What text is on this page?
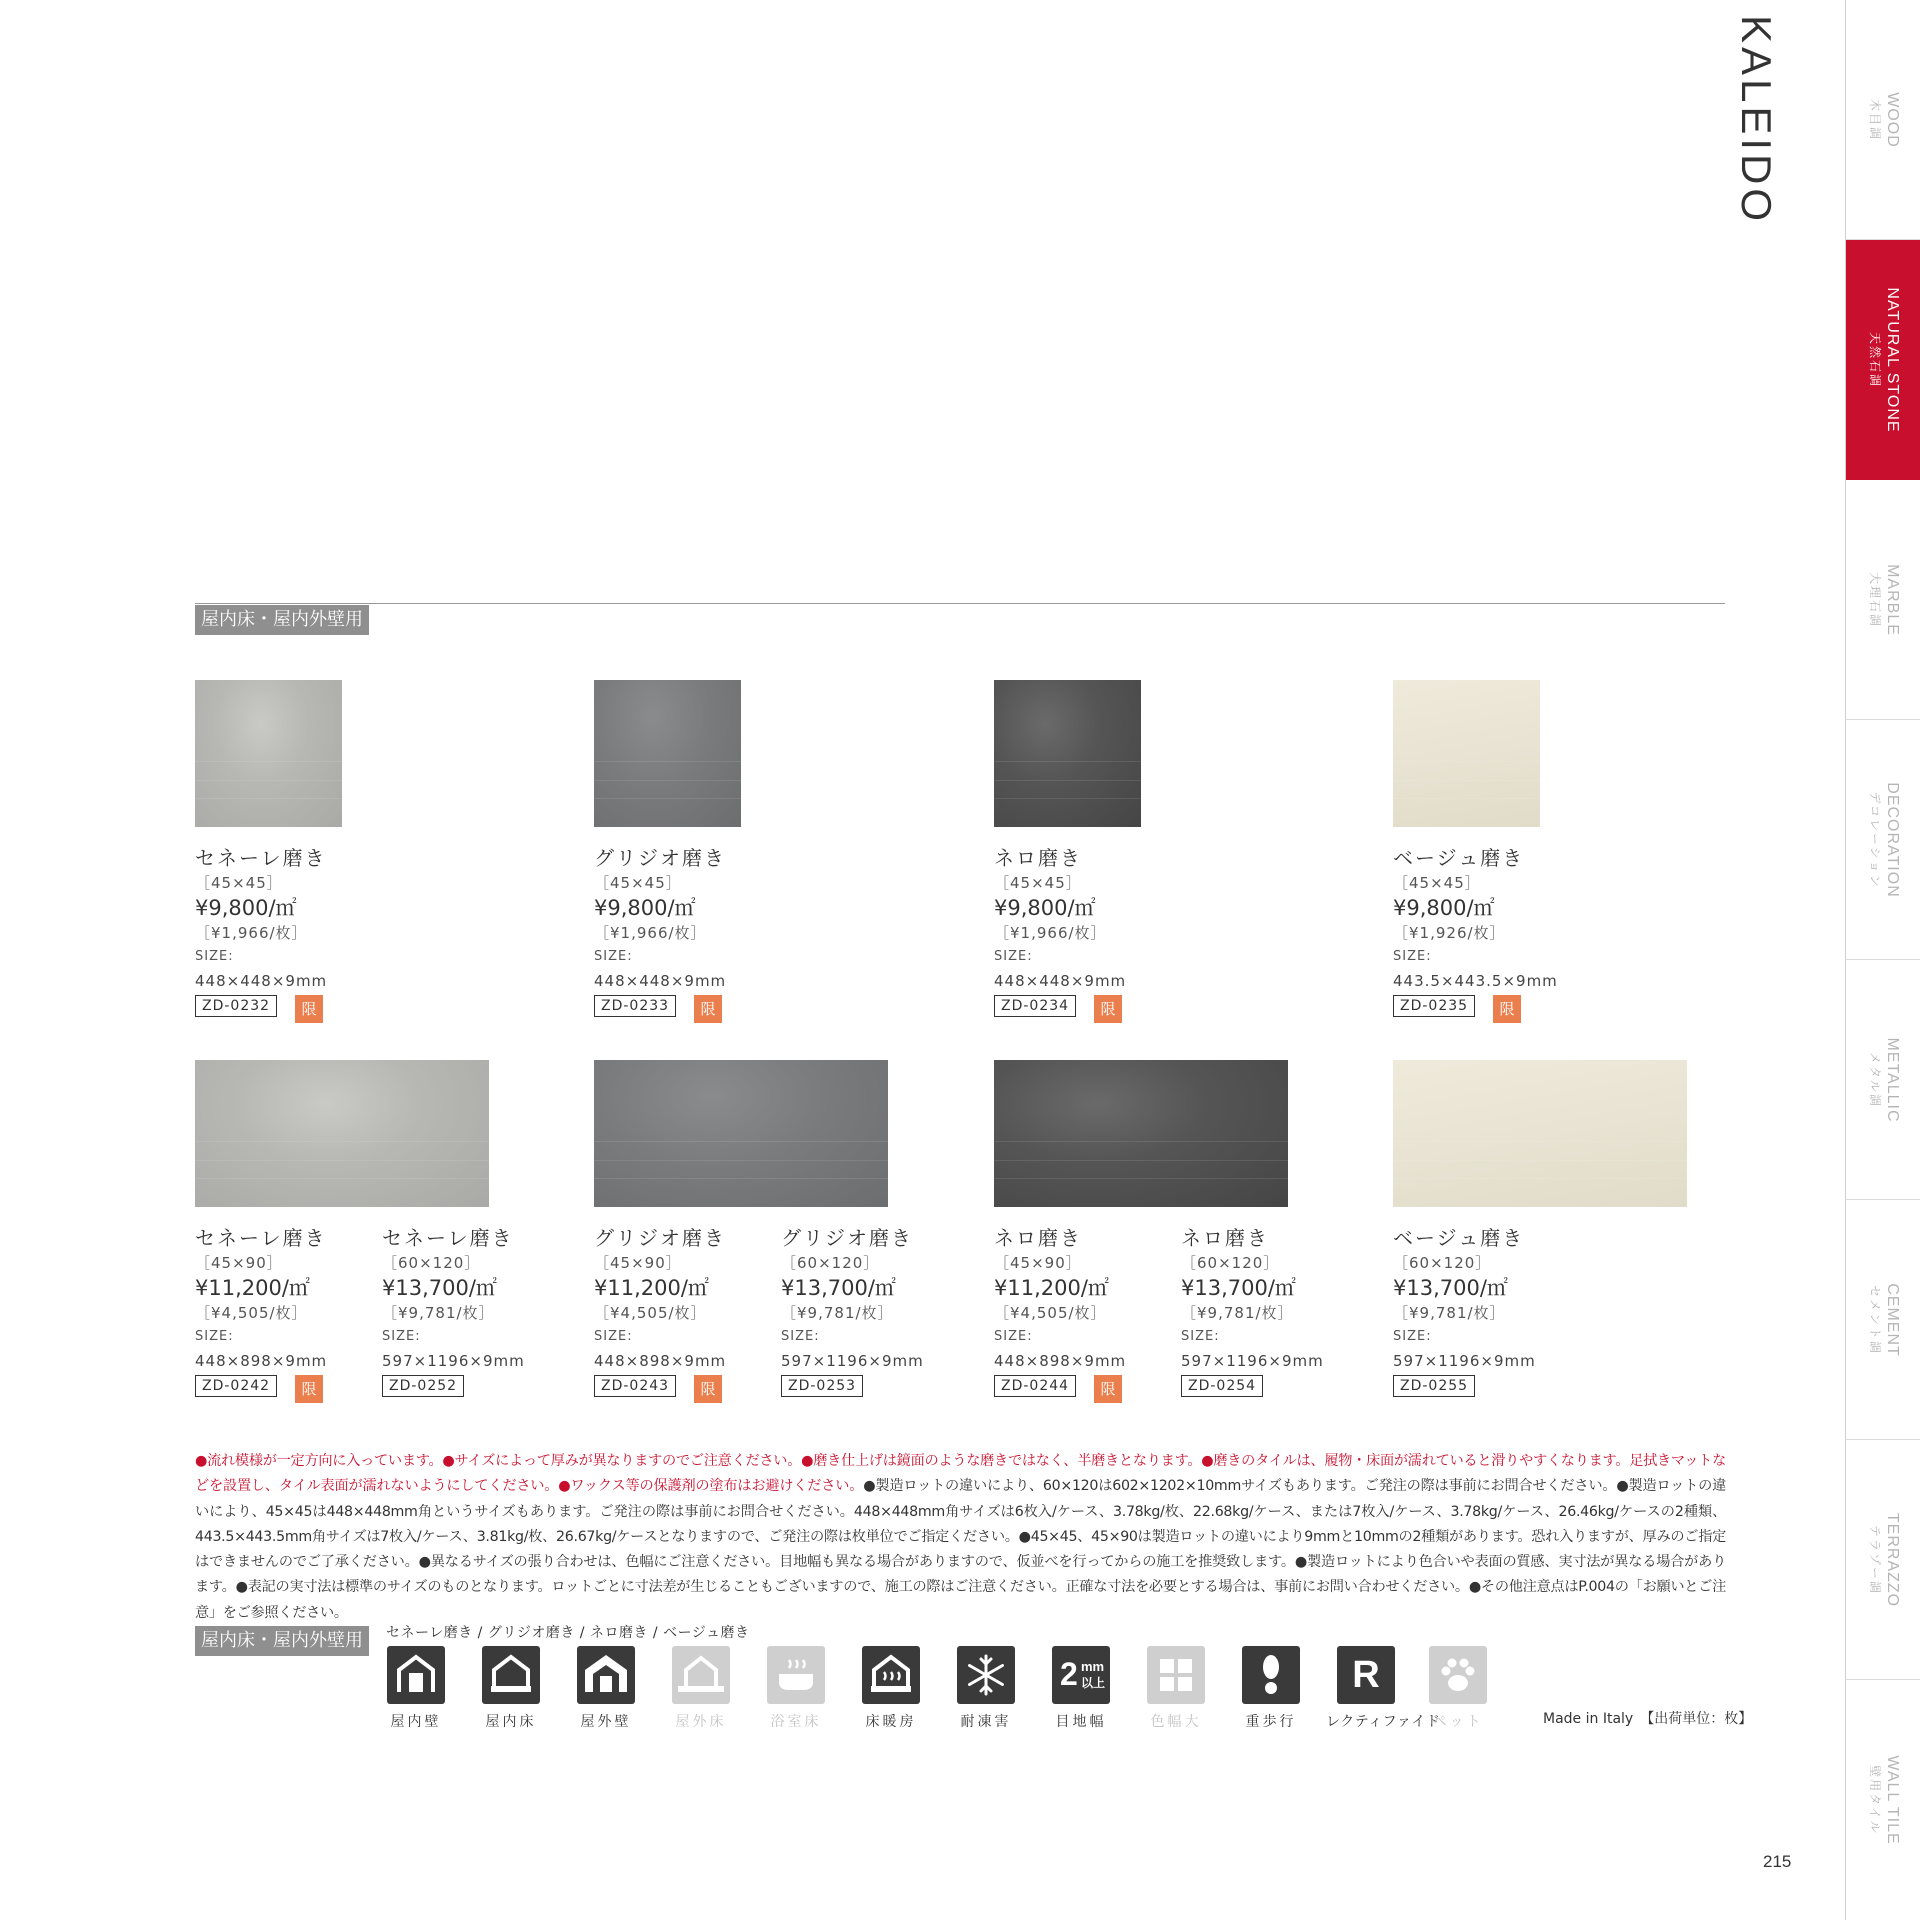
WOOD
木目調
NATURAL STONE
天然石調
MARBLE
大理石調
DECORATION
デコレーション
METALLIC
メタル調
CEMENT
セメント調
TERRAZZO
テラゾー調
WALL TILE
壁用タイル
KALEIDO
215
屋内床・屋内外壁用
セネーレ磨き
［45×45］
¥9,800/㎡
［¥1,966/枚］
SIZE:
448×448×9mm
ZD-0232	限
グリジオ磨き
［45×45］
¥9,800/㎡
［¥1,966/枚］
SIZE:
448×448×9mm
ZD-0233	限
ネロ磨き
［45×45］
¥9,800/㎡
［¥1,966/枚］
SIZE:
448×448×9mm
ZD-0234	限
ベージュ磨き
［45×45］
¥9,800/㎡
［¥1,926/枚］
SIZE:
443.5×443.5×9mm
ZD-0235	限
セネーレ磨き
［45×90］
¥11,200/㎡
［¥4,505/枚］
SIZE:
448×898×9mm
ZD-0242	限
セネーレ磨き
［60×120］
¥13,700/㎡
［¥9,781/枚］
SIZE:
597×1196×9mm
ZD-0252
グリジオ磨き
［45×90］
¥11,200/㎡
［¥4,505/枚］
SIZE:
448×898×9mm
ZD-0243	限
グリジオ磨き
［60×120］
¥13,700/㎡
［¥9,781/枚］
SIZE:
597×1196×9mm
ZD-0253
ネロ磨き
［45×90］
¥11,200/㎡
［¥4,505/枚］
SIZE:
448×898×9mm
ZD-0244	限
ネロ磨き
［60×120］
¥13,700/㎡
［¥9,781/枚］
SIZE:
597×1196×9mm
ZD-0254
ベージュ磨き
［60×120］
¥13,700/㎡
［¥9,781/枚］
SIZE:
597×1196×9mm
ZD-0255
●流れ模様が一定方向に入っています。●サイズによって厚みが異なりますのでご注意ください。●磨き仕上げは鏡面のような磨きではなく、半磨きとなります。●磨きのタイルは、履物・床面が濡れていると滑りやすくなります。足拭きマットなどを設置し、タイル表面が濡れないようにしてください。●ワックス等の保護剤の塗布はお避けください。●製造ロットの違いにより、60×120は602×1202×10mmサイズもあります。ご発注の際は事前にお問合せください。●製造ロットの違いにより、45×45は448×448mm角というサイズもあります。ご発注の際は事前にお問合せください。448×448mm角サイズは6枚入/ケース、3.78kg/枚、22.68kg/ケース、または7枚入/ケース、3.78kg/ケース、26.46kg/ケースの2種類、443.5×443.5mm角サイズは7枚入/ケース、3.81kg/枚、26.67kg/ケースとなりますので、ご発注の際は枚単位でご指定ください。●45×45、45×90は製造ロットの違いにより9mmと10mmの2種類があります。恐れ入りますが、厚みのご指定はできませんのでご了承ください。●異なるサイズの張り合わせは、色幅にご注意ください。目地幅も異なる場合がありますので、仮並べを行ってからの施工を推奨致します。●製造ロットにより色合いや表面の質感、実寸法が異なる場合があります。●表記の実寸法は標準のサイズのものとなります。ロットごとに寸法差が生じることもございますので、施工の際はご注意ください。正確な寸法を必要とする場合は、事前にお問い合わせください。●その他注意点はP.004の「お願いとご注意」をご参照ください。
屋内床・屋内外壁用	セネーレ磨き / グリジオ磨き / ネロ磨き / ベージュ磨き
屋内壁	屋内床	屋外壁	屋外床	浴室床	床暖房	耐凍害
2 mm
以上
目地幅	色幅大	重歩行
R
レクティファイド
ペット	Made in Italy　【出荷単位：枚】
